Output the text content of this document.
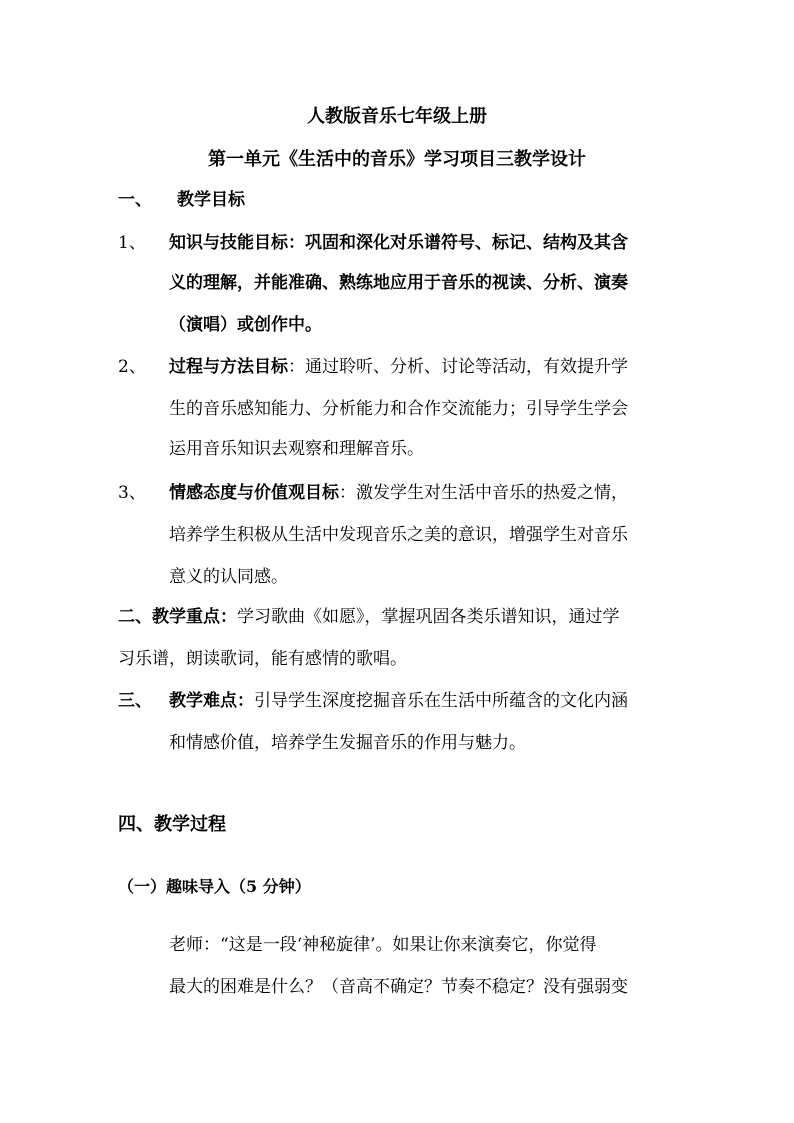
人教版音乐七年级上册
第一单元《生活中的音乐》学习项目三教学设计
一、 教学目标
1、 知识与技能目标：巩固和深化对乐谱符号、标记、结构及其含
义的理解，并能准确、熟练地应用于音乐的视读、分析、演奏
（演唱）或创作中。
2、 过程与方法目标：通过聆听、分析、讨论等活动，有效提升学
生的音乐感知能力、分析能力和合作交流能力；引导学生学会
运用音乐知识去观察和理解音乐。
3、 情感态度与价值观目标：激发学生对生活中音乐的热爱之情，
培养学生积极从生活中发现音乐之美的意识，增强学生对音乐
意义的认同感。
二、教学重点：学习歌曲《如愿》，掌握巩固各类乐谱知识，通过学
习乐谱，朗读歌词，能有感情的歌唱。
三、 教学难点：引导学生深度挖掘音乐在生活中所蕴含的文化内涵
和情感价值，培养学生发掘音乐的作用与魅力。
四、教学过程
（一）趣味导入（5 分钟）
老师：“这是一段‘神秘旋律’。如果让你来演奏它，你觉得
最大的困难是什么？（音高不确定？节奏不稳定？没有强弱变
